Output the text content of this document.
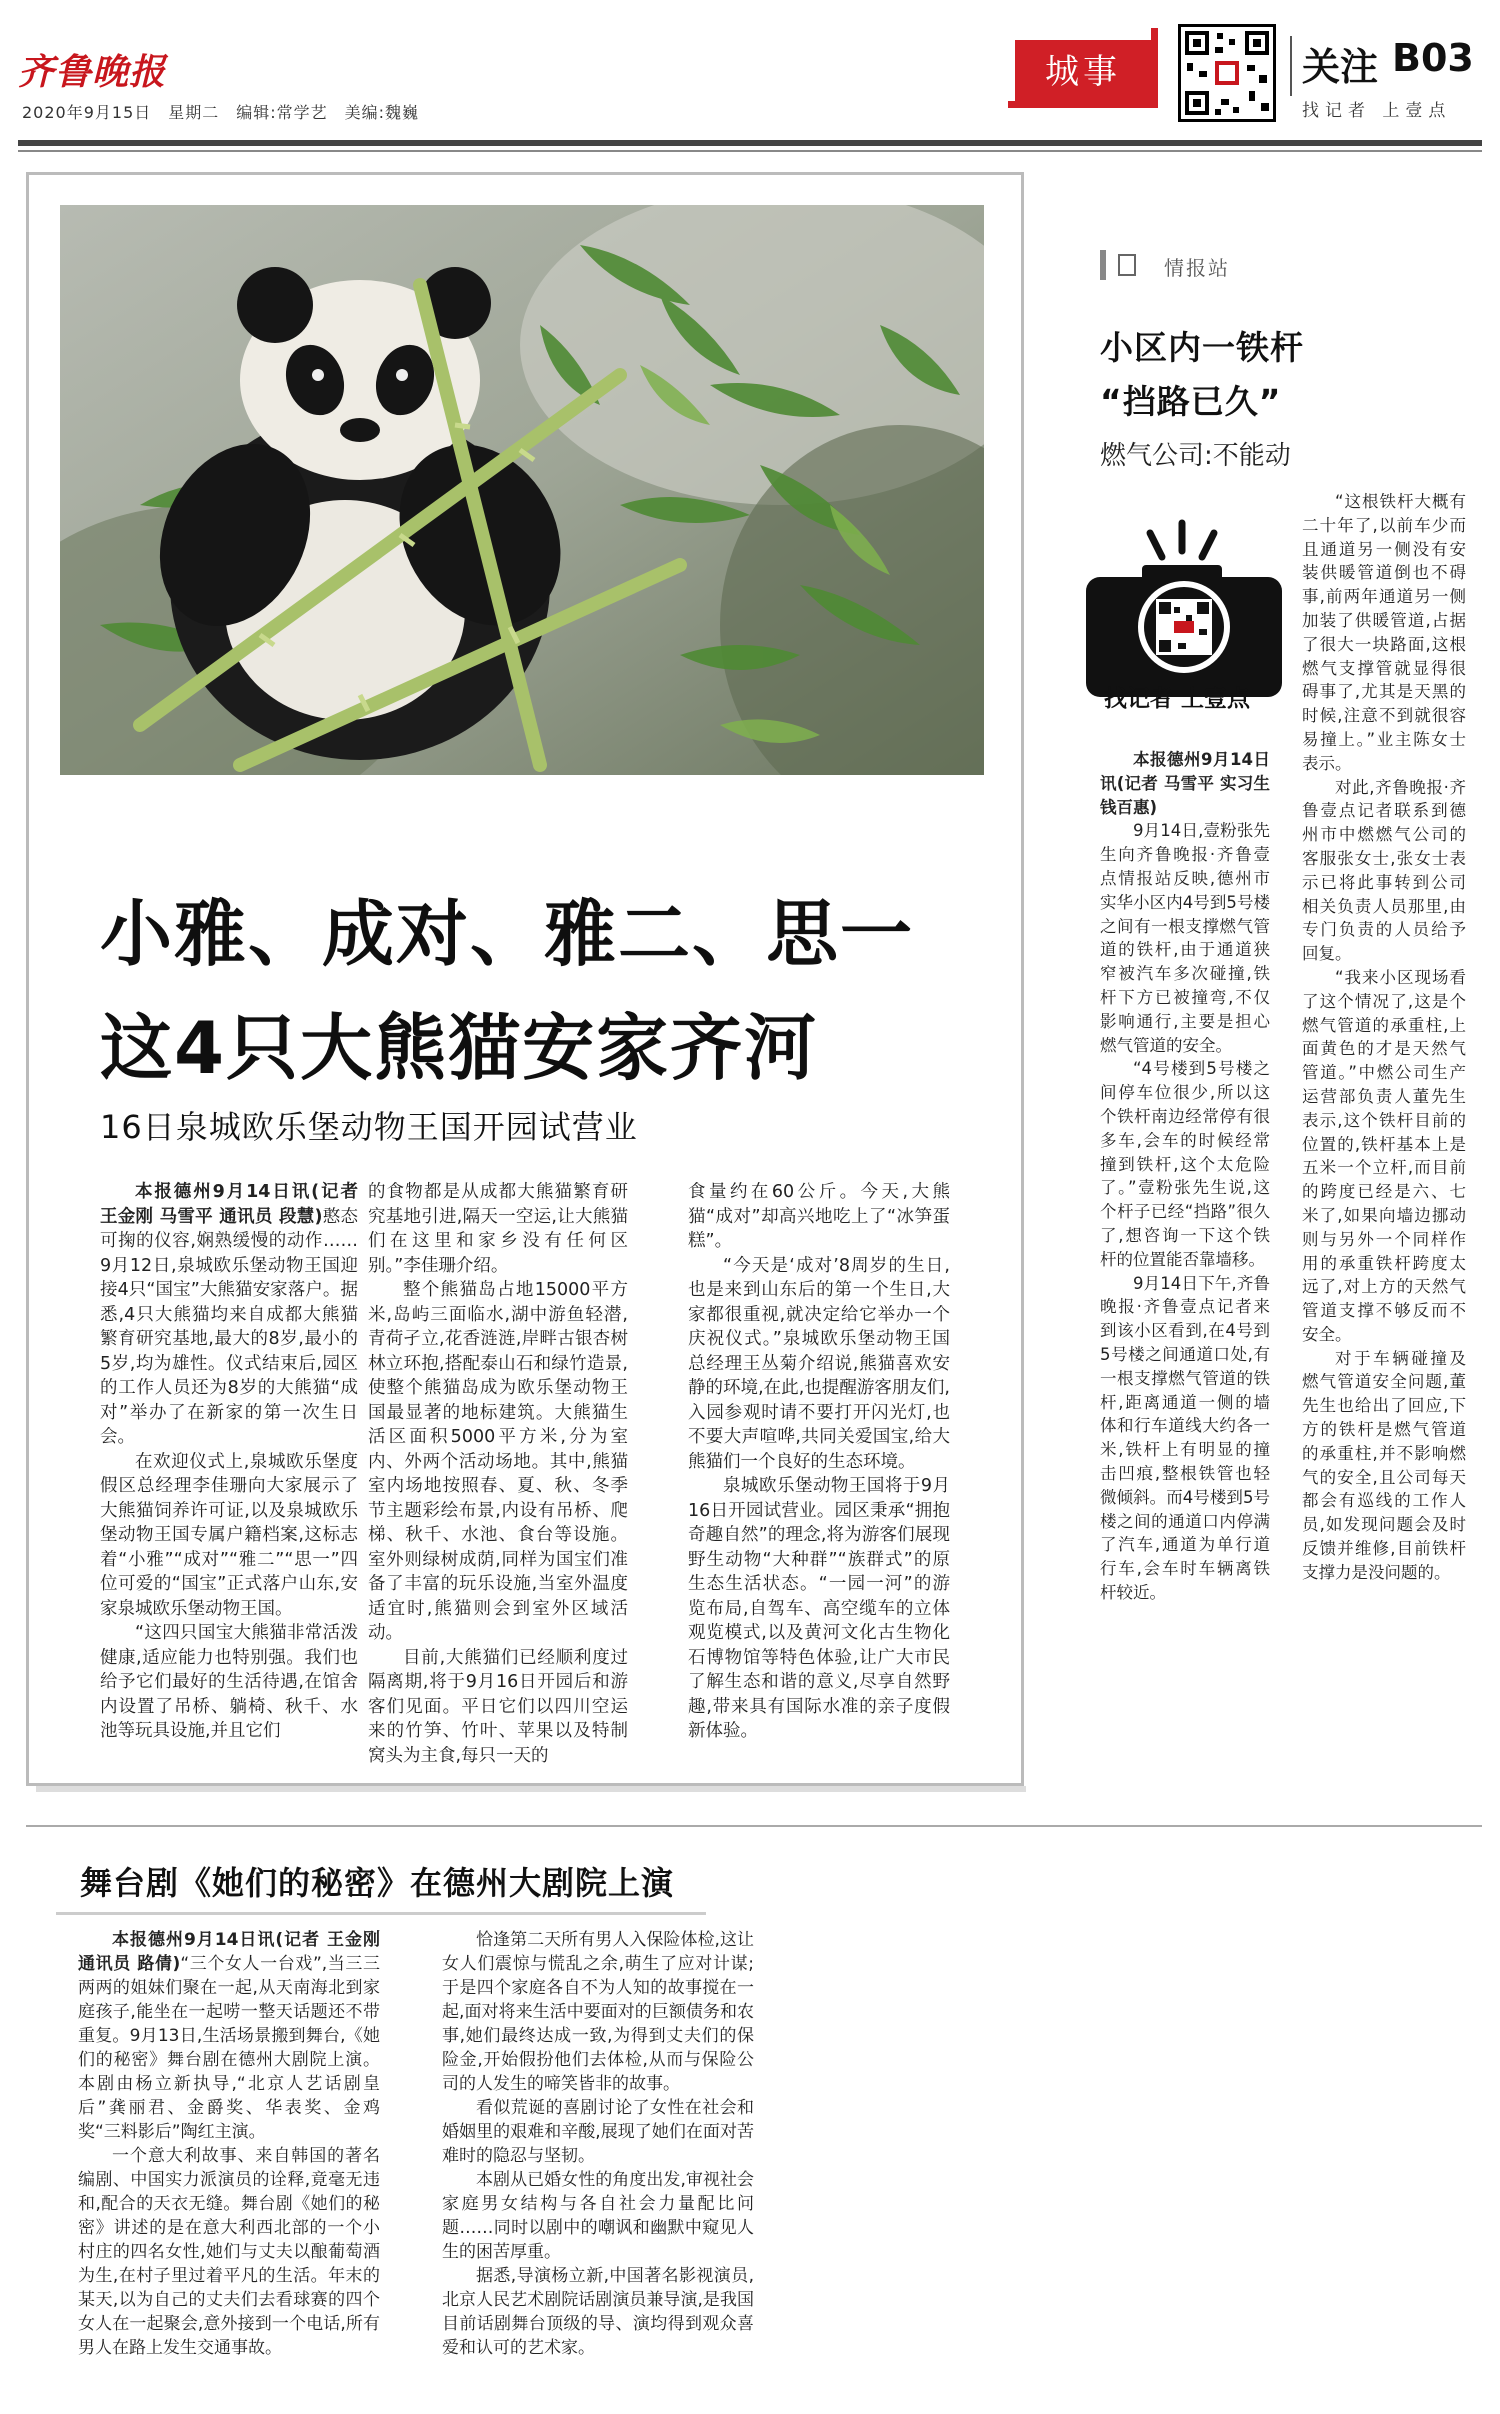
齐鲁晚报
2020年9月15日　星期二　编辑:常学艺　美编:魏巍
城事	关注 B03
找记者 上壹点
小雅、成对、雅二、思一
这4只大熊猫安家齐河
16日泉城欧乐堡动物王国开园试营业

本报德州9月14日讯(记者 王金刚 马雪平 通讯员 段慧)憨态可掬的仪容,娴熟缓慢的动作……9月12日,泉城欧乐堡动物王国迎接4只“国宝”大熊猫安家落户。据悉,4只大熊猫均来自成都大熊猫繁育研究基地,最大的8岁,最小的5岁,均为雄性。仪式结束后,园区的工作人员还为8岁的大熊猫“成对”举办了在新家的第一次生日会。

在欢迎仪式上,泉城欧乐堡度假区总经理李佳珊向大家展示了大熊猫饲养许可证,以及泉城欧乐堡动物王国专属户籍档案,这标志着“小雅”“成对”“雅二”“思一”四位可爱的“国宝”正式落户山东,安家泉城欧乐堡动物王国。

“这四只国宝大熊猫非常活泼健康,适应能力也特别强。我们也给予它们最好的生活待遇,在馆舍内设置了吊桥、躺椅、秋千、水池等玩具设施,并且它们

的食物都是从成都大熊猫繁育研究基地引进,隔天一空运,让大熊猫们在这里和家乡没有任何区别。”李佳珊介绍。

整个熊猫岛占地15000平方米,岛屿三面临水,湖中游鱼轻潜,青荷孑立,花香涟涟,岸畔古银杏树林立环抱,搭配泰山石和绿竹造景,使整个熊猫岛成为欧乐堡动物王国最显著的地标建筑。大熊猫生活区面积5000平方米,分为室内、外两个活动场地。其中,熊猫室内场地按照春、夏、秋、冬季节主题彩绘布景,内设有吊桥、爬梯、秋千、水池、食台等设施。室外则绿树成荫,同样为国宝们准备了丰富的玩乐设施,当室外温度适宜时,熊猫则会到室外区域活动。

目前,大熊猫们已经顺利度过隔离期,将于9月16日开园后和游客们见面。平日它们以四川空运来的竹笋、竹叶、苹果以及特制窝头为主食,每只一天的

食量约在60公斤。今天,大熊猫“成对”却高兴地吃上了“冰笋蛋糕”。

“今天是‘成对’8周岁的生日,也是来到山东后的第一个生日,大家都很重视,就决定给它举办一个庆祝仪式。”泉城欧乐堡动物王国总经理王丛菊介绍说,熊猫喜欢安静的环境,在此,也提醒游客朋友们,入园参观时请不要打开闪光灯,也不要大声喧哗,共同关爱国宝,给大熊猫们一个良好的生态环境。

泉城欧乐堡动物王国将于9月16日开园试营业。园区秉承“拥抱奇趣自然”的理念,将为游客们展现野生动物“大种群”“族群式”的原生态生活状态。“一园一河”的游览布局,自驾车、高空缆车的立体观览模式,以及黄河文化古生物化石博物馆等特色体验,让广大市民了解生态和谐的意义,尽享自然野趣,带来具有国际水准的亲子度假新体验。

情报站
小区内一铁杆
“挡路已久”
燃气公司:不能动
找记者 上壹点

本报德州9月14日讯(记者 马雪平 实习生 钱百惠)

9月14日,壹粉张先生向齐鲁晚报·齐鲁壹点情报站反映,德州市实华小区内4号到5号楼之间有一根支撑燃气管道的铁杆,由于通道狭窄被汽车多次碰撞,铁杆下方已被撞弯,不仅影响通行,主要是担心燃气管道的安全。

“4号楼到5号楼之间停车位很少,所以这个铁杆南边经常停有很多车,会车的时候经常撞到铁杆,这个太危险了。”壹粉张先生说,这个杆子已经“挡路”很久了,想咨询一下这个铁杆的位置能否靠墙移。

9月14日下午,齐鲁晚报·齐鲁壹点记者来到该小区看到,在4号到5号楼之间通道口处,有一根支撑燃气管道的铁杆,距离通道一侧的墙体和行车道线大约各一米,铁杆上有明显的撞击凹痕,整根铁管也轻微倾斜。而4号楼到5号楼之间的通道口内停满了汽车,通道为单行道行车,会车时车辆离铁杆较近。

“这根铁杆大概有二十年了,以前车少而且通道另一侧没有安装供暖管道倒也不碍事,前两年通道另一侧加装了供暖管道,占据了很大一块路面,这根燃气支撑管就显得很碍事了,尤其是天黑的时候,注意不到就很容易撞上。”业主陈女士表示。

对此,齐鲁晚报·齐鲁壹点记者联系到德州市中燃燃气公司的客服张女士,张女士表示已将此事转到公司相关负责人员那里,由专门负责的人员给予回复。

“我来小区现场看了这个情况了,这是个燃气管道的承重柱,上面黄色的才是天然气管道。”中燃公司生产运营部负责人董先生表示,这个铁杆目前的位置的,铁杆基本上是五米一个立杆,而目前的跨度已经是六、七米了,如果向墙边挪动则与另外一个同样作用的承重铁杆跨度太远了,对上方的天然气管道支撑不够反而不安全。

对于车辆碰撞及燃气管道安全问题,董先生也给出了回应,下方的铁杆是燃气管道的承重柱,并不影响燃气的安全,且公司每天都会有巡线的工作人员,如发现问题会及时反馈并维修,目前铁杆支撑力是没问题的。

舞台剧《她们的秘密》在德州大剧院上演

本报德州9月14日讯(记者 王金刚 通讯员 路倩)“三个女人一台戏”,当三三两两的姐妹们聚在一起,从天南海北到家庭孩子,能坐在一起唠一整天话题还不带重复。9月13日,生活场景搬到舞台,《她们的秘密》舞台剧在德州大剧院上演。本剧由杨立新执导,“北京人艺话剧皇后”龚丽君、金爵奖、华表奖、金鸡奖“三料影后”陶红主演。

一个意大利故事、来自韩国的著名编剧、中国实力派演员的诠释,竟毫无违和,配合的天衣无缝。舞台剧《她们的秘密》讲述的是在意大利西北部的一个小村庄的四名女性,她们与丈夫以酿葡萄酒为生,在村子里过着平凡的生活。年末的某天,以为自己的丈夫们去看球赛的四个女人在一起聚会,意外接到一个电话,所有男人在路上发生交通事故。

恰逢第二天所有男人入保险体检,这让女人们震惊与慌乱之余,萌生了应对计谋;于是四个家庭各自不为人知的故事搅在一起,面对将来生活中要面对的巨额债务和农事,她们最终达成一致,为得到丈夫们的保险金,开始假扮他们去体检,从而与保险公司的人发生的啼笑皆非的故事。

看似荒诞的喜剧讨论了女性在社会和婚姻里的艰难和辛酸,展现了她们在面对苦难时的隐忍与坚韧。

本剧从已婚女性的角度出发,审视社会家庭男女结构与各自社会力量配比问题……同时以剧中的嘲讽和幽默中窥见人生的困苦厚重。

据悉,导演杨立新,中国著名影视演员,北京人民艺术剧院话剧演员兼导演,是我国目前话剧舞台顶级的导、演均得到观众喜爱和认可的艺术家。
